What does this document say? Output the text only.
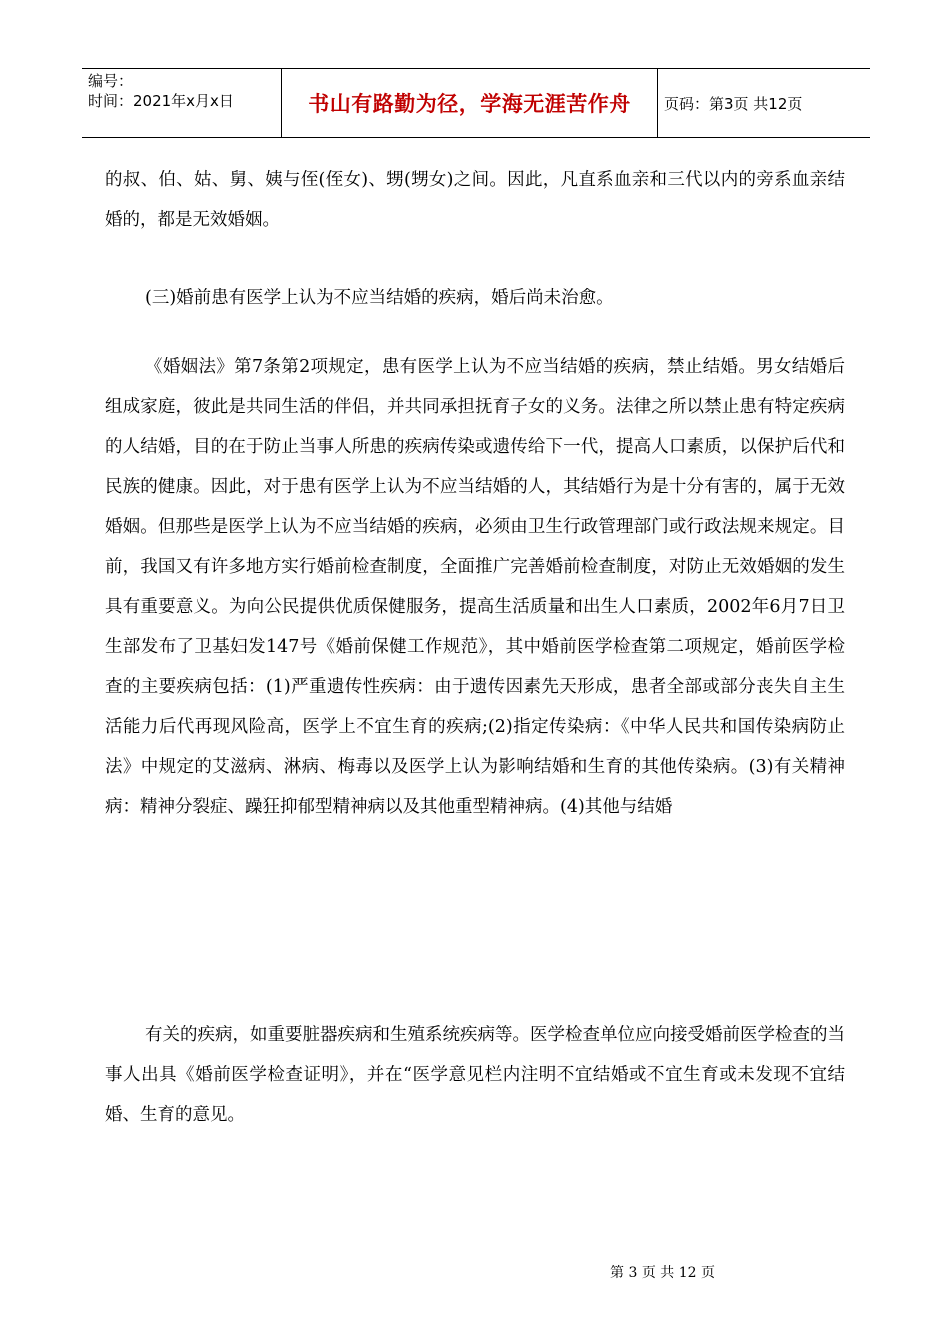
编号：
时间：2021年x月x日	书山有路勤为径，学海无涯苦作舟	页码：第3页 共12页
的叔、伯、姑、舅、姨与侄(侄女)、甥(甥女)之间。因此，凡直系血亲和三代以内的旁系血亲结婚的，都是无效婚姻。
(三)婚前患有医学上认为不应当结婚的疾病，婚后尚未治愈。
《婚姻法》第7条第2项规定，患有医学上认为不应当结婚的疾病，禁止结婚。男女结婚后组成家庭，彼此是共同生活的伴侣，并共同承担抚育子女的义务。法律之所以禁止患有特定疾病的人结婚，目的在于防止当事人所患的疾病传染或遗传给下一代，提高人口素质，以保护后代和民族的健康。因此，对于患有医学上认为不应当结婚的人，其结婚行为是十分有害的，属于无效婚姻。但那些是医学上认为不应当结婚的疾病，必须由卫生行政管理部门或行政法规来规定。目前，我国又有许多地方实行婚前检查制度，全面推广完善婚前检查制度，对防止无效婚姻的发生具有重要意义。为向公民提供优质保健服务，提高生活质量和出生人口素质，2002年6月7日卫生部发布了卫基妇发147号《婚前保健工作规范》，其中婚前医学检查第二项规定，婚前医学检查的主要疾病包括：(1)严重遗传性疾病：由于遗传因素先天形成，患者全部或部分丧失自主生活能力后代再现风险高，医学上不宜生育的疾病;(2)指定传染病：《中华人民共和国传染病防止法》中规定的艾滋病、淋病、梅毒以及医学上认为影响结婚和生育的其他传染病。(3)有关精神病：精神分裂症、躁狂抑郁型精神病以及其他重型精神病。(4)其他与结婚
有关的疾病，如重要脏器疾病和生殖系统疾病等。医学检查单位应向接受婚前医学检查的当事人出具《婚前医学检查证明》，并在“医学意见栏内注明不宜结婚或不宜生育或未发现不宜结婚、生育的意见。
第 3 页 共 12 页
